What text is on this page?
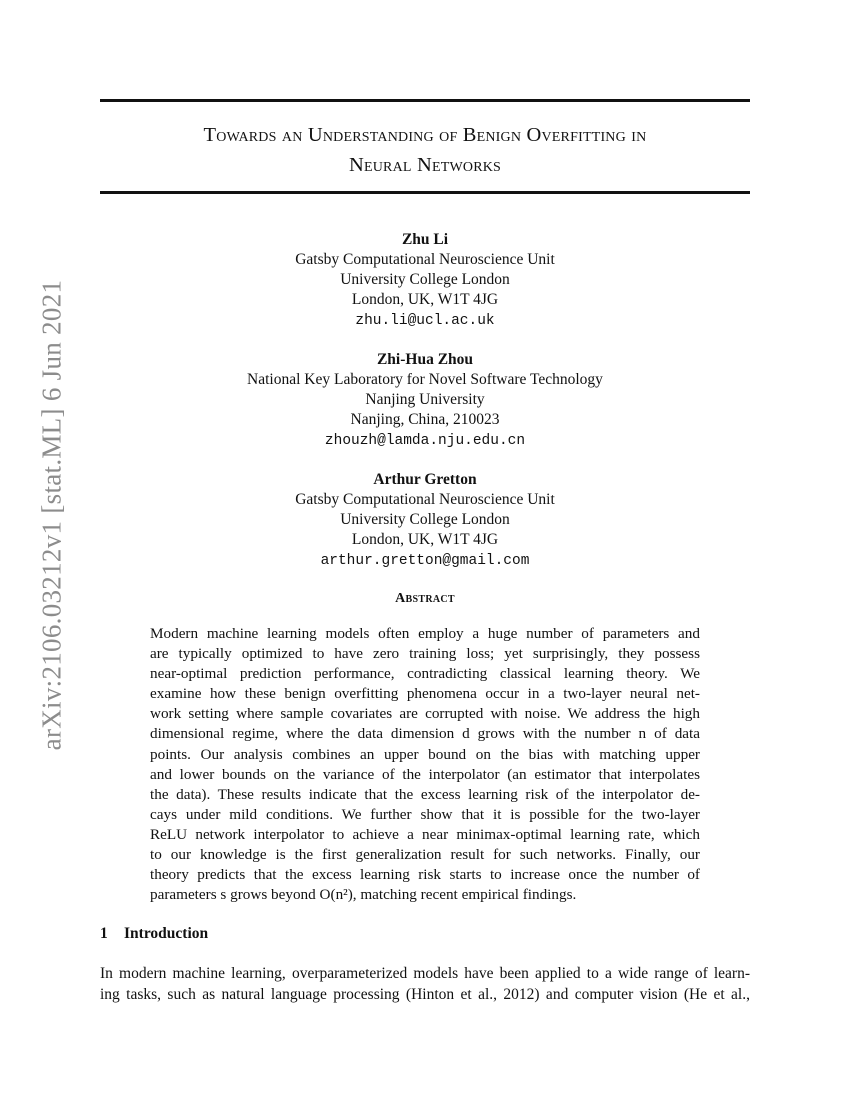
Towards an Understanding of Benign Overfitting in
Neural Networks
arXiv:2106.03212v1 [stat.ML] 6 Jun 2021
Zhu Li
Gatsby Computational Neuroscience Unit
University College London
London, UK, W1T 4JG
zhu.li@ucl.ac.uk
Zhi-Hua Zhou
National Key Laboratory for Novel Software Technology
Nanjing University
Nanjing, China, 210023
zhouzh@lamda.nju.edu.cn
Arthur Gretton
Gatsby Computational Neuroscience Unit
University College London
London, UK, W1T 4JG
arthur.gretton@gmail.com
Abstract
Modern machine learning models often employ a huge number of parameters and
are typically optimized to have zero training loss; yet surprisingly, they possess
near-optimal prediction performance, contradicting classical learning theory. We
examine how these benign overfitting phenomena occur in a two-layer neural net-
work setting where sample covariates are corrupted with noise. We address the high
dimensional regime, where the data dimension d grows with the number n of data
points. Our analysis combines an upper bound on the bias with matching upper
and lower bounds on the variance of the interpolator (an estimator that interpolates
the data). These results indicate that the excess learning risk of the interpolator de-
cays under mild conditions. We further show that it is possible for the two-layer
ReLU network interpolator to achieve a near minimax-optimal learning rate, which
to our knowledge is the first generalization result for such networks. Finally, our
theory predicts that the excess learning risk starts to increase once the number of
parameters s grows beyond O(n²), matching recent empirical findings.
1 Introduction
In modern machine learning, overparameterized models have been applied to a wide range of learn-
ing tasks, such as natural language processing (Hinton et al., 2012) and computer vision (He et al.,
